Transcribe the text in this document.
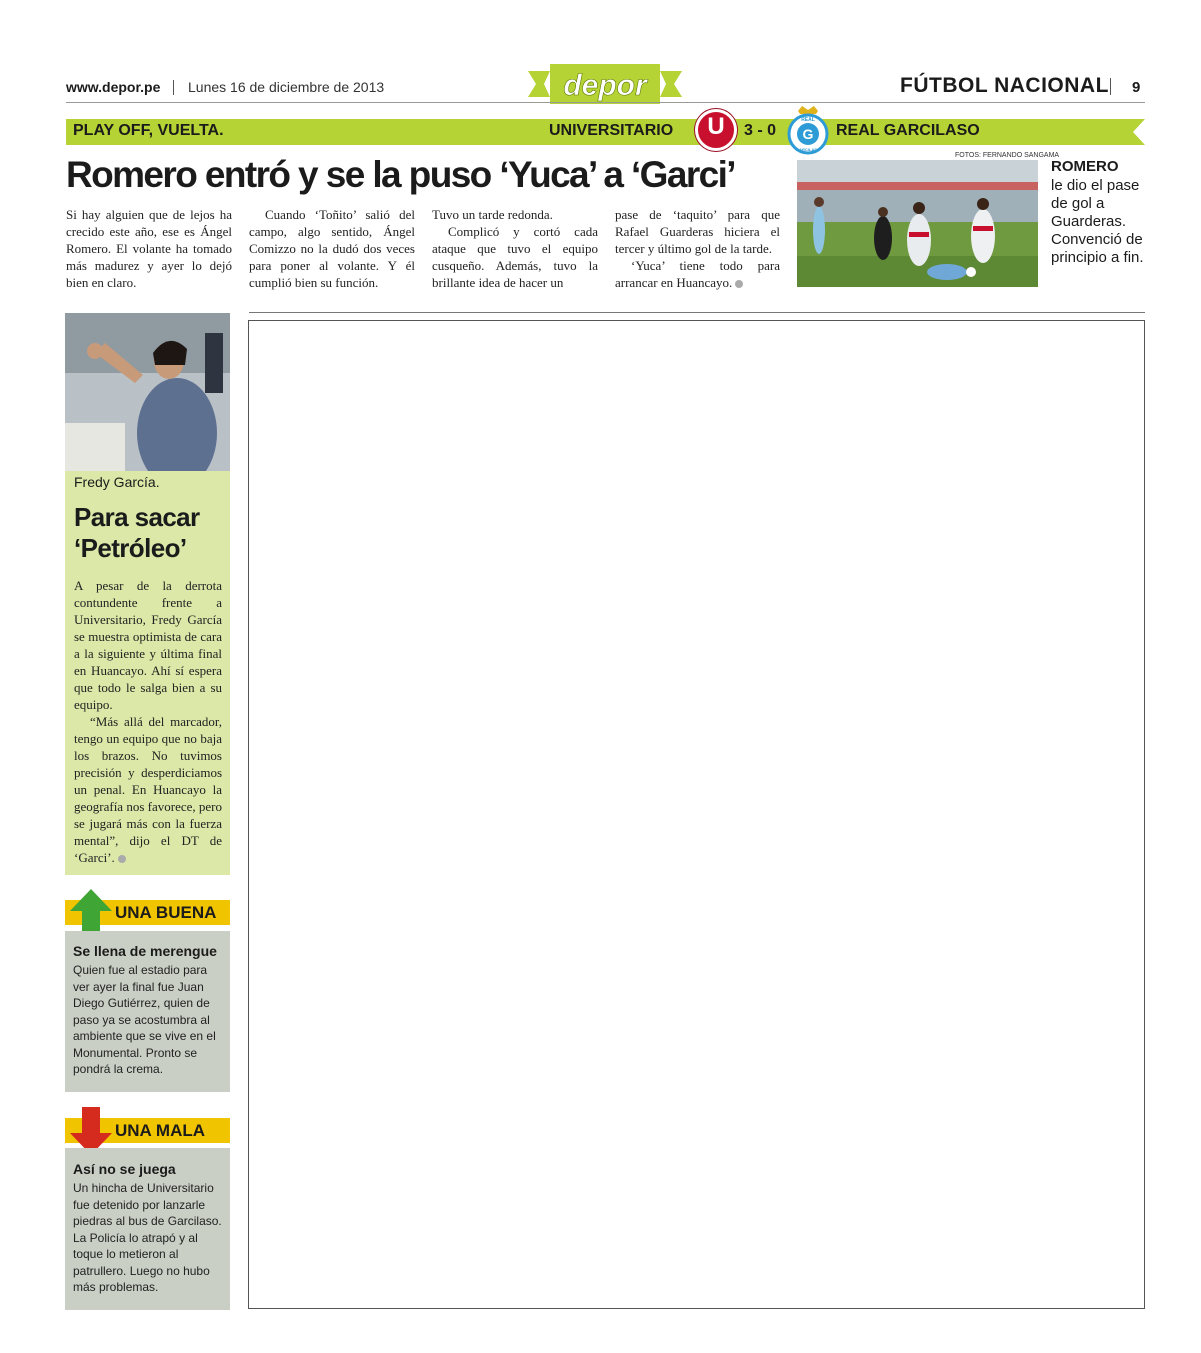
www.depor.pe Lunes 16 de diciembre de 2013	depor	FÚTBOL NACIONAL 9
PLAY OFF, VUELTA.	UNIVERSITARIO	U	3 - 0 G
REAL
GARCILASO
REAL GARCILASO
Romero entró y se la puso ‘Yuca’ a ‘Garci’

Si hay alguien que de lejos ha crecido este año, ese es Ángel Romero. El volante ha tomado más madurez y ayer lo dejó bien en claro.

Cuando ‘Toñito’ salió del campo, algo sentido, Ángel Comizzo no la dudó dos veces para poner al volante. Y él cumplió bien su función.

Tuvo un tarde redonda.

Complicó y cortó cada ataque que tuvo el equipo cusqueño. Además, tuvo la brillante idea de hacer un

pase de ‘taquito’ para que Rafael Guarderas hiciera el tercer y último gol de la tarde.

‘Yuca’ tiene todo para arrancar en Huancayo.

FOTOS: FERNANDO SANGAMA
ROMERO
le dio el pase de gol a Guarderas. Convenció de principio a fin.
Fredy García.
Para sacar ‘Petróleo’

A pesar de la derrota contundente frente a Universitario, Fredy García se muestra optimista de cara a la siguiente y última final en Huancayo. Ahí sí espera que todo le salga bien a su equipo.

“Más allá del marcador, tengo un equipo que no baja los brazos. No tuvimos precisión y desperdiciamos un penal. En Huancayo la geografía nos favorece, pero se jugará más con la fuerza mental”, dijo el DT de ‘Garci’.

UNA BUENA
Se llena de merengue
Quien fue al estadio para ver ayer la final fue Juan Diego Gutiérrez, quien de paso ya se acostumbra al ambiente que se vive en el Monumental. Pronto se pondrá la crema.
UNA MALA
Así no se juega
Un hincha de Universitario fue detenido por lanzarle piedras al bus de Garcilaso. La Policía lo atrapó y al toque lo metieron al patrullero. Luego no hubo más problemas.
